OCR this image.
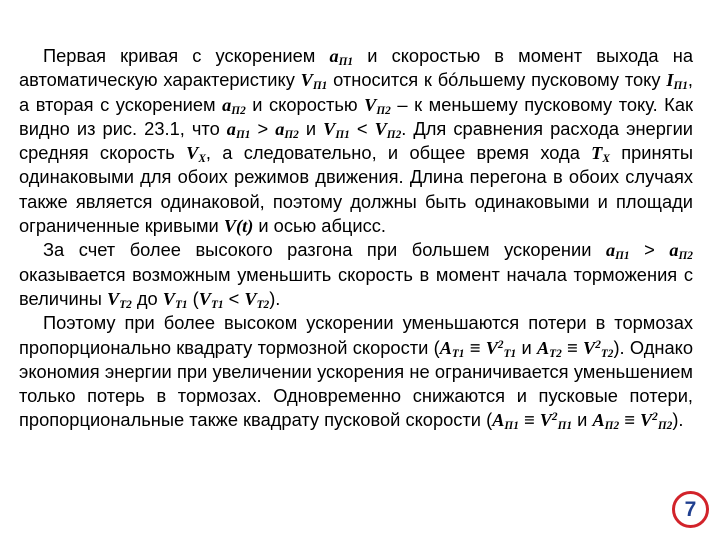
Первая кривая с ускорением $a_{П1}$ и скоростью в момент выхода на автоматическую характеристику $V_{П1}$ относится к бóльшему пусковому току $I_{П1}$, а вторая с ускорением $a_{П2}$ и скоростью $V_{П2}$ – к меньшему пусковому току. Как видно из рис. 23.1, что $a_{П1} > a_{П2}$ и $V_{П1} < V_{П2}$. Для сравнения расхода энергии средняя скорость $V_X$, а следовательно, и общее время хода $T_X$ приняты одинаковыми для обоих режимов движения. Длина перегона в обоих случаях также является одинаковой, поэтому должны быть одинаковыми и площади ограниченные кривыми V(t) и осью абцисс.

За счет более высокого разгона при большем ускорении $a_{П1} > a_{П2}$ оказывается возможным уменьшить скорость в момент начала торможения с величины $V_{Т2}$ до $V_{Т1}$ $(V_{Т1} < V_{Т2})$.

Поэтому при более высоком ускорении уменьшаются потери в тормозах пропорционально квадрату тормозной скорости ($A_{Т1} \equiv V^2_{Т1}$ и $A_{Т2} \equiv V^2_{Т2}$). Однако экономия энергии при увеличении ускорения не ограничивается уменьшением только потерь в тормозах. Одновременно снижаются и пусковые потери, пропорциональные также квадрату пусковой скорости ($A_{П1} \equiv V^2_{П1}$ и $A_{П2} \equiv V^2_{П2}$).

7
